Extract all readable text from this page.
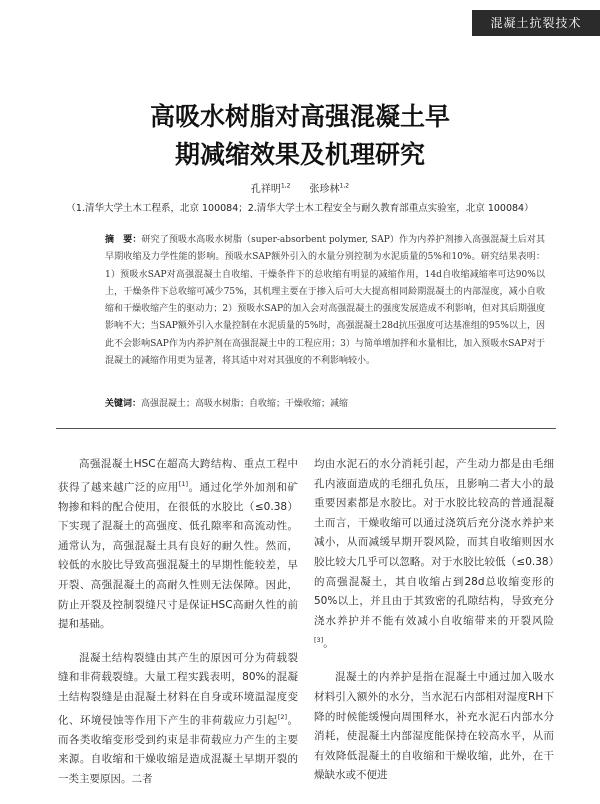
混凝土抗裂技术
高吸水树脂对高强混凝土早
期减缩效果及机理研究
孔祥明$^{1,2}$ 张珍林$^{1,2}$
（1.清华大学土木工程系，北京 100084；2.清华大学土木工程安全与耐久教育部重点实验室，北京 100084）
摘　要：研究了预吸水高吸水树脂（super-absorbent polymer, SAP）作为内养护剂掺入高强混凝土后对其早期收缩及力学性能的影响。预吸水SAP额外引入的水量分别控制为水泥质量的5%和10%。研究结果表明：1）预吸水SAP对高强混凝土自收缩、干燥条件下的总收缩有明显的减缩作用，14d自收缩减缩率可达90%以上，干燥条件下总收缩可减少75%，其机理主要在于掺入后可大大提高相同龄期混凝土的内部湿度，减小自收缩和干燥收缩产生的驱动力；2）预吸水SAP的加入会对高强混凝土的强度发展造成不利影响，但对其后期强度影响不大；当SAP额外引入水量控制在水泥质量的5%时，高强混凝土28d抗压强度可达基准组的95%以上，因此不会影响SAP作为内养护剂在高强混凝土中的工程应用；3）与简单增加拌和水量相比，加入预吸水SAP对于混凝土的减缩作用更为显著，将其适中对对其强度的不利影响较小。
关键词：高强混凝土；高吸水树脂；自收缩；干燥收缩；减缩

高强混凝土HSC在超高大跨结构、重点工程中获得了越来越广泛的应用[1]。通过化学外加剂和矿物掺和料的配合使用，在很低的水胶比（≤0.38）下实现了混凝土的高强度、低孔隙率和高流动性。通常认为，高强混凝土具有良好的耐久性。然而，较低的水胶比导致高强混凝土的早期性能较差，早开裂、高强混凝土的高耐久性则无法保障。因此，防止开裂及控制裂缝尺寸是保证HSC高耐久性的前提和基础。

混凝土结构裂缝由其产生的原因可分为荷载裂缝和非荷载裂缝。大量工程实践表明，80%的混凝土结构裂缝是由混凝土材料在自身或环境温湿度变化、环境侵蚀等作用下产生的非荷载应力引起[2]。而各类收缩变形受到约束是非荷载应力产生的主要来源。自收缩和干燥收缩是造成混凝土早期开裂的一类主要原因。二者

均由水泥石的水分消耗引起，产生动力都是由毛细孔内液面造成的毛细孔负压，且影响二者大小的最重要因素都是水胶比。对于水胶比较高的普通混凝土而言，干燥收缩可以通过浇筑后充分浇水养护来减小，从而减缓早期开裂风险，而其自收缩则因水胶比较大几乎可以忽略。对于水胶比较低（≤0.38）的高强混凝土，其自收缩占到28d总收缩变形的50%以上，并且由于其致密的孔隙结构，导致充分浇水养护并不能有效减小自收缩带来的开裂风险[3]。

混凝土的内养护是指在混凝土中通过加入吸水材料引入额外的水分，当水泥石内部相对湿度RH下降的时候能缓慢向周围释水，补充水泥石内部水分消耗，使混凝土内部湿度能保持在较高水平，从而有效降低混凝土的自收缩和干燥收缩，此外，在干燥缺水或不便进
